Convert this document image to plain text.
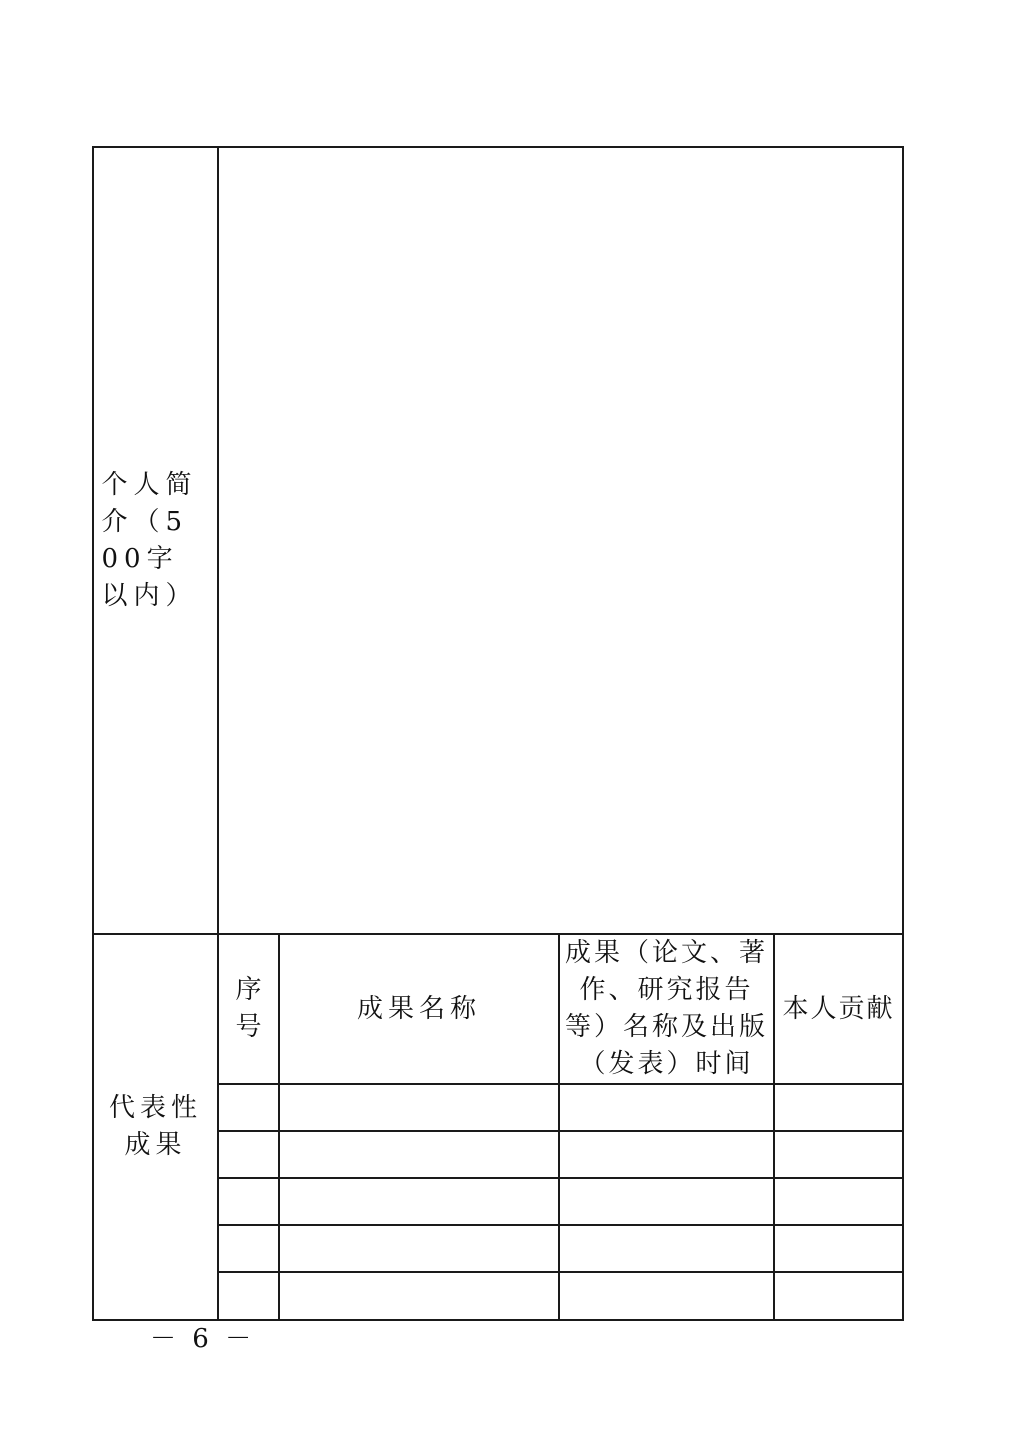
个人简介（500字以内）				
代表性成果	序号	成果名称	成果（论文、著作、研究报告等）名称及出版（发表）时间	本人贡献

－ 6 －
